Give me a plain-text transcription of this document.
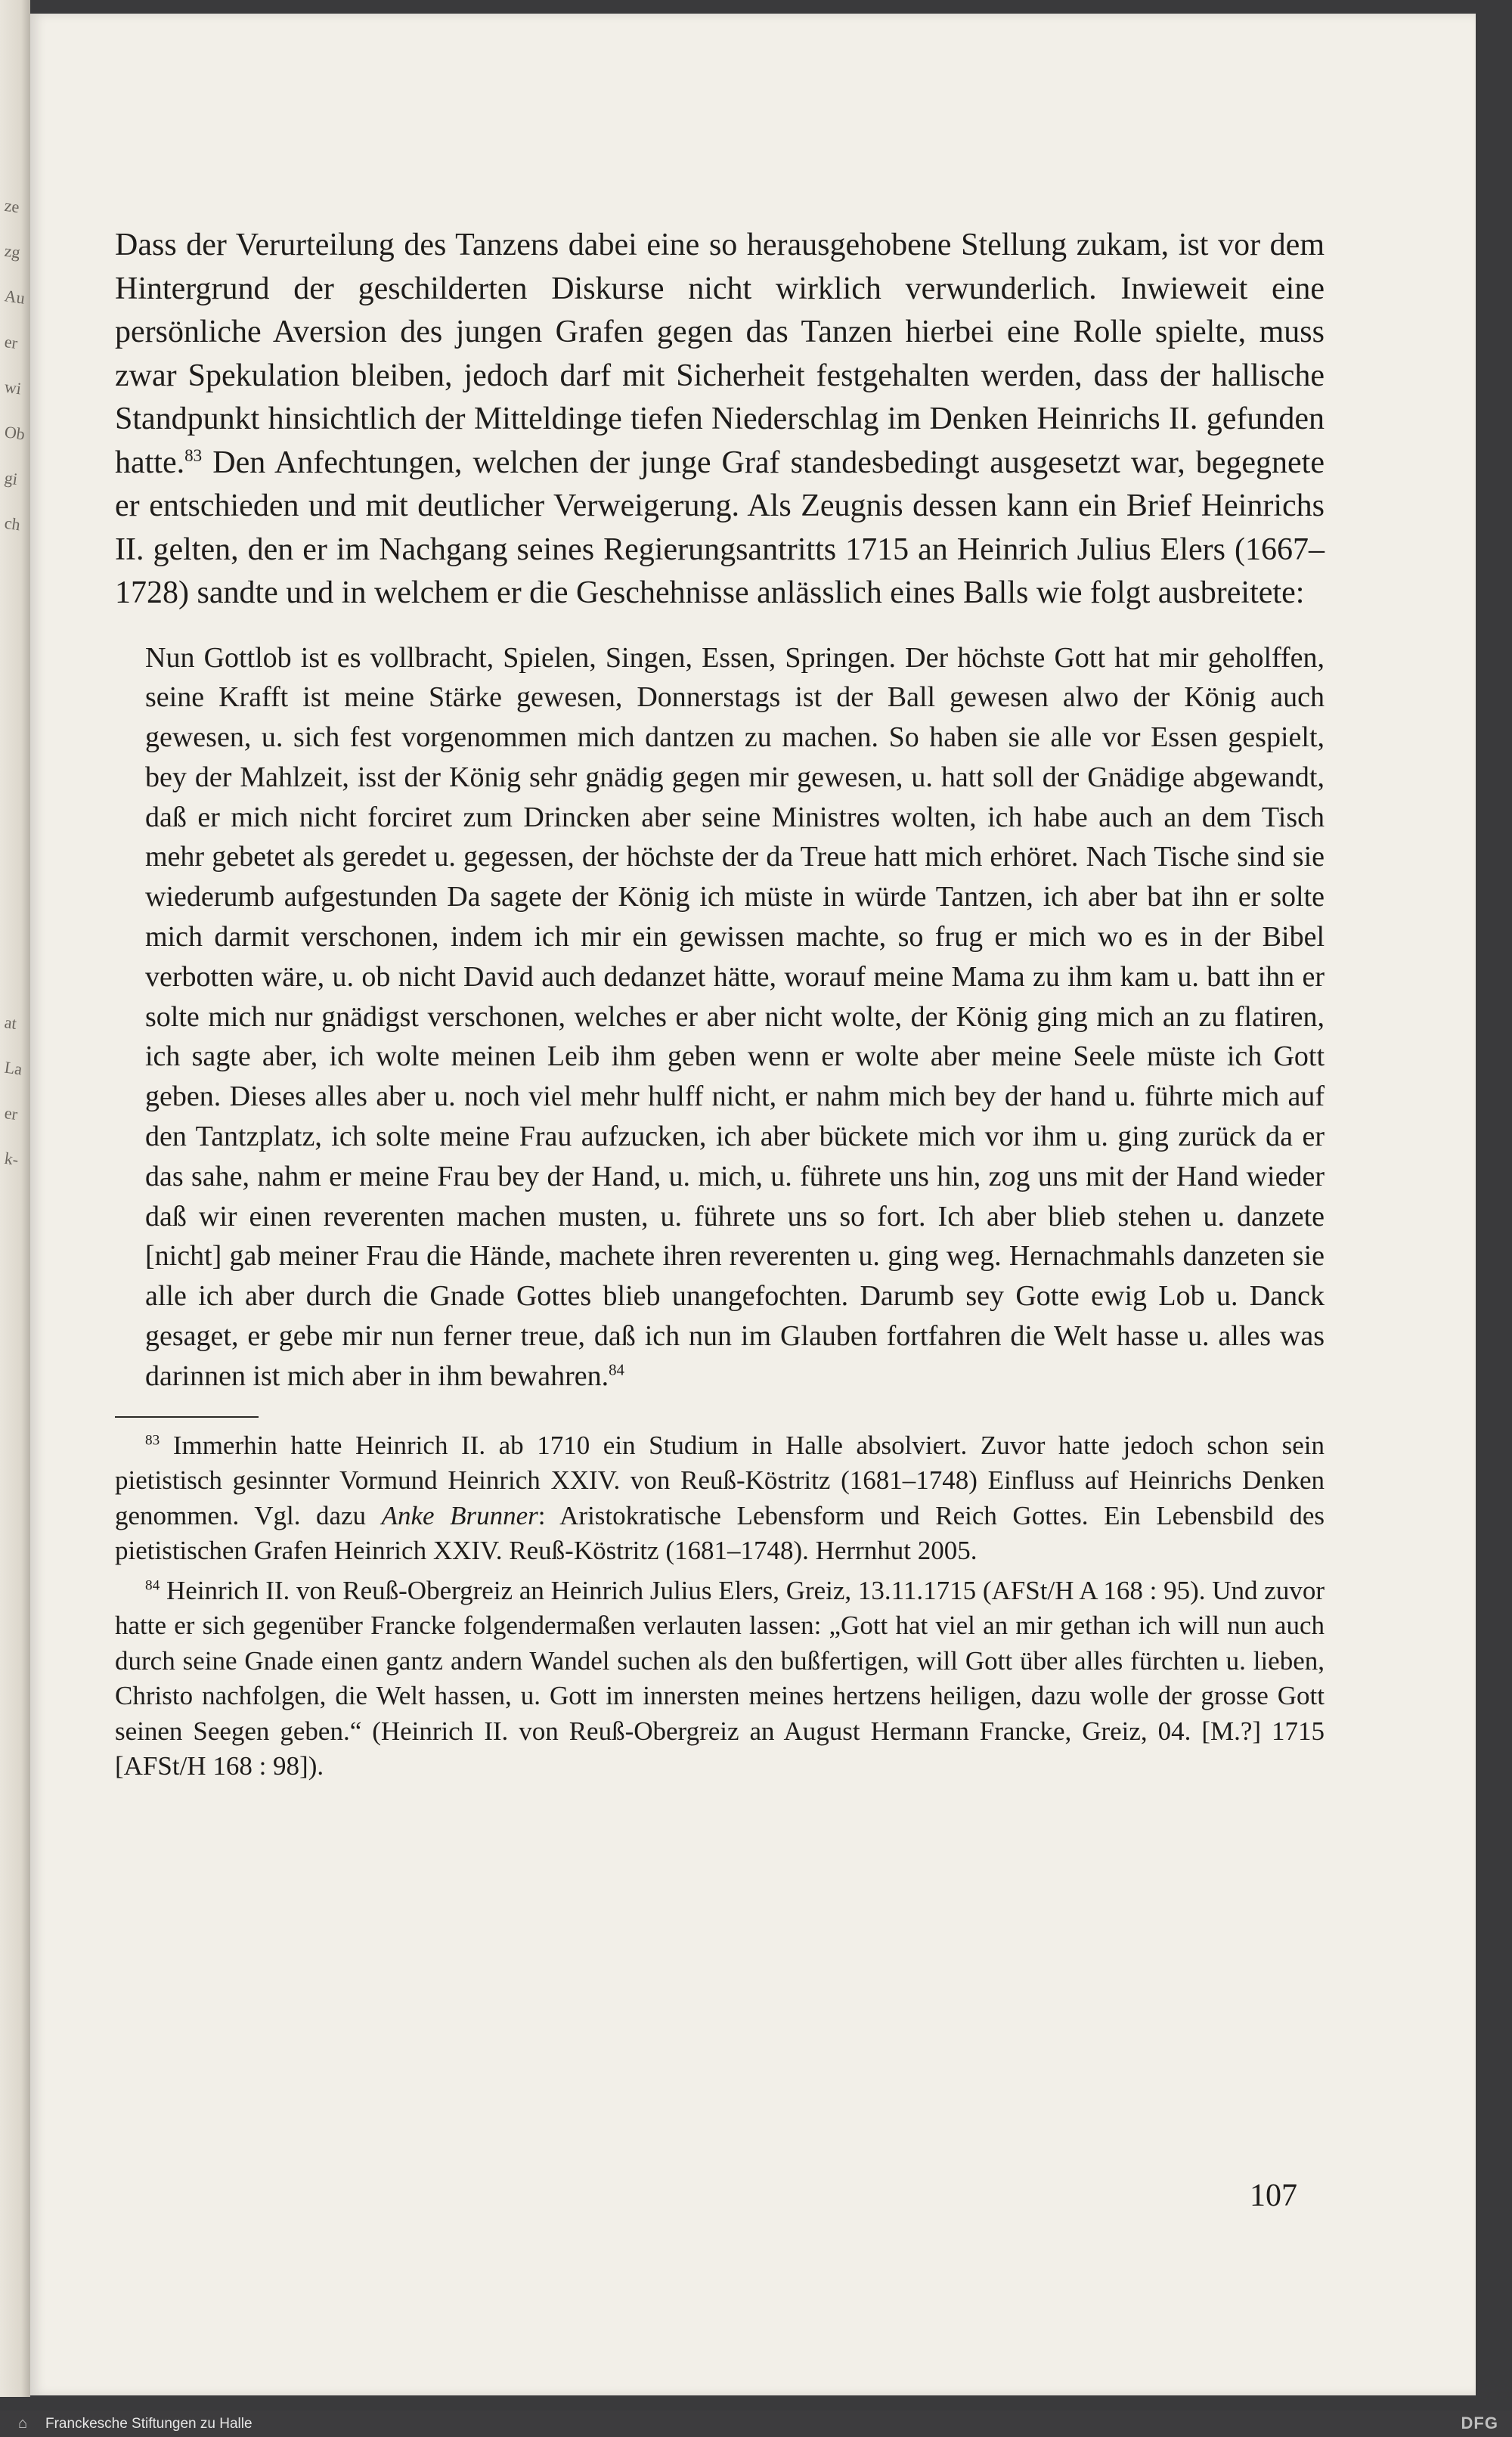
ze
zg
Au
er
wi
Ob
gi
ch
at
La
er
k-

Dass der Verurteilung des Tanzens dabei eine so herausgehobene Stellung zukam, ist vor dem Hintergrund der geschilderten Diskurse nicht wirklich verwunderlich. Inwieweit eine persönliche Aversion des jungen Grafen gegen das Tanzen hierbei eine Rolle spielte, muss zwar Spekulation bleiben, jedoch darf mit Sicherheit festgehalten werden, dass der hallische Standpunkt hinsichtlich der Mitteldinge tiefen Niederschlag im Denken Heinrichs II. gefunden hatte.$^{83}$ Den Anfechtungen, welchen der junge Graf standesbedingt ausgesetzt war, begegnete er entschieden und mit deutlicher Verweigerung. Als Zeugnis dessen kann ein Brief Heinrichs II. gelten, den er im Nachgang seines Regierungsantritts 1715 an Heinrich Julius Elers (1667–1728) sandte und in welchem er die Geschehnisse anlässlich eines Balls wie folgt ausbreitete:

Nun Gottlob ist es vollbracht, Spielen, Singen, Essen, Springen. Der höchste Gott hat mir geholffen, seine Krafft ist meine Stärke gewesen, Donnerstags ist der Ball gewesen alwo der König auch gewesen, u. sich fest vorgenommen mich dantzen zu machen. So haben sie alle vor Essen gespielt, bey der Mahlzeit, isst der König sehr gnädig gegen mir gewesen, u. hatt soll der Gnädige abgewandt, daß er mich nicht forciret zum Drincken aber seine Ministres wolten, ich habe auch an dem Tisch mehr gebetet als geredet u. gegessen, der höchste der da Treue hatt mich erhöret. Nach Tische sind sie wiederumb aufgestunden Da sagete der König ich müste in würde Tantzen, ich aber bat ihn er solte mich darmit verschonen, indem ich mir ein gewissen machte, so frug er mich wo es in der Bibel verbotten wäre, u. ob nicht David auch dedanzet hätte, worauf meine Mama zu ihm kam u. batt ihn er solte mich nur gnädigst verschonen, welches er aber nicht wolte, der König ging mich an zu flatiren, ich sagte aber, ich wolte meinen Leib ihm geben wenn er wolte aber meine Seele müste ich Gott geben. Dieses alles aber u. noch viel mehr hulff nicht, er nahm mich bey der hand u. führte mich auf den Tantzplatz, ich solte meine Frau aufzucken, ich aber bückete mich vor ihm u. ging zurück da er das sahe, nahm er meine Frau bey der Hand, u. mich, u. führete uns hin, zog uns mit der Hand wieder daß wir einen reverenten machen musten, u. führete uns so fort. Ich aber blieb stehen u. danzete [nicht] gab meiner Frau die Hände, machete ihren reverenten u. ging weg. Hernachmahls danzeten sie alle ich aber durch die Gnade Gottes blieb unangefochten. Darumb sey Gotte ewig Lob u. Danck gesaget, er gebe mir nun ferner treue, daß ich nun im Glauben fortfahren die Welt hasse u. alles was darinnen ist mich aber in ihm bewahren.$^{84}$

$^{83}$ Immerhin hatte Heinrich II. ab 1710 ein Studium in Halle absolviert. Zuvor hatte jedoch schon sein pietistisch gesinnter Vormund Heinrich XXIV. von Reuß-Köstritz (1681–1748) Einfluss auf Heinrichs Denken genommen. Vgl. dazu Anke Brunner: Aristokratische Lebensform und Reich Gottes. Ein Lebensbild des pietistischen Grafen Heinrich XXIV. Reuß-Köstritz (1681–1748). Herrnhut 2005.

$^{84}$ Heinrich II. von Reuß-Obergreiz an Heinrich Julius Elers, Greiz, 13.11.1715 (AFSt/H A 168 : 95). Und zuvor hatte er sich gegenüber Francke folgendermaßen verlauten lassen: „Gott hat viel an mir gethan ich will nun auch durch seine Gnade einen gantz andern Wandel suchen als den bußfertigen, will Gott über alles fürchten u. lieben, Christo nachfolgen, die Welt hassen, u. Gott im innersten meines hertzens heiligen, dazu wolle der grosse Gott seinen Seegen geben.“ (Heinrich II. von Reuß-Obergreiz an August Hermann Francke, Greiz, 04. [M.?] 1715 [AFSt/H 168 : 98]).

107
⌂	Franckesche Stiftungen zu Halle	DFG
